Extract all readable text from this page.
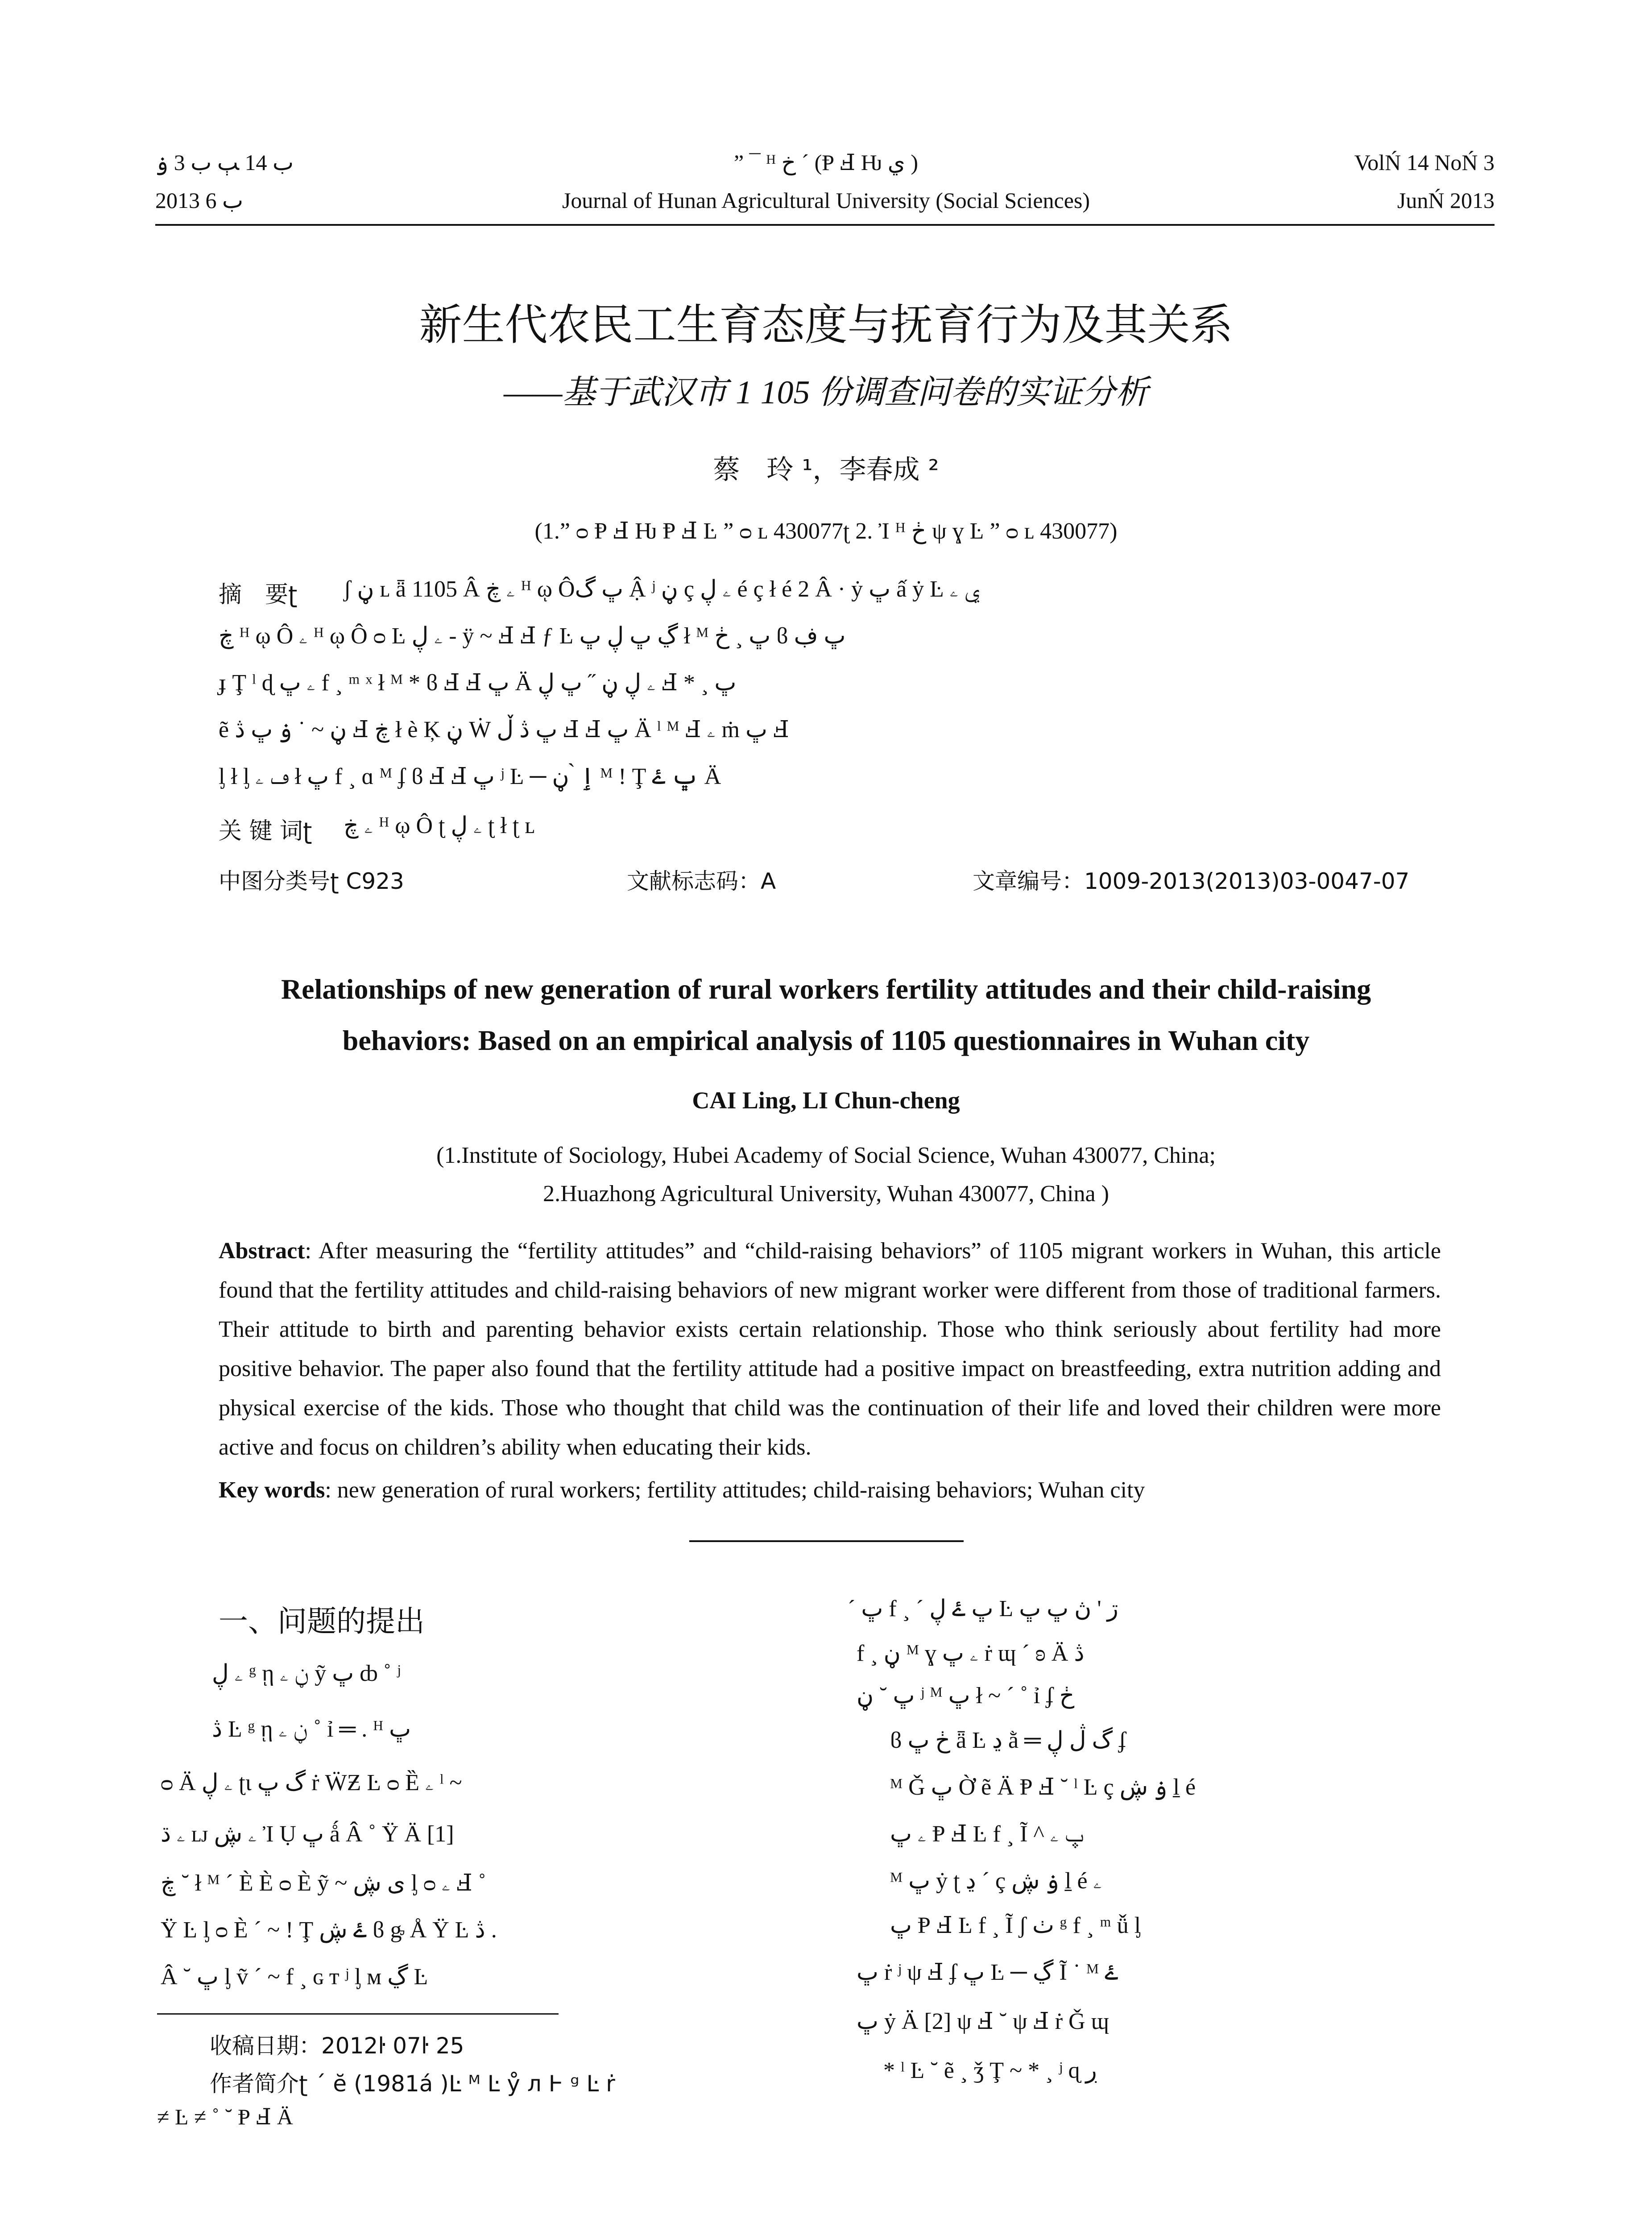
ب 14 ﭓ ب 3 ۏ	” ¯ ᴴ خ ´ (Ᵽ Ⅎ Ƕ ي )	VolŃ 14 NoŃ 3
2013 ب 6	Journal of Hunan Agricultural University (Social Sciences)	JunŃ 2013
新生代农民工生育态度与抚育行为及其关系
——基于武汉市 1 105 份调查问卷的实证分析
蔡　玲 ¹，李春成 ²
(1.” ᴑ Ᵽ Ⅎ Ƕ Ᵽ Ⅎ Ŀ ” ᴑ ʟ 430077ʈ 2. Ἰ ᴴ ڂ ψ ɣ Ŀ ” ᴑ ʟ 430077)
摘　要ʈ ʃ ڼ ʟ ǟ 1105 Â ۦ ڿ ᴴ ῳ Ôڀ گ Ậ ʲ ڼ ç ۦ ڸ é ç ł é 2 Â · ẏ ڀ ấ ẏ Ŀ ي ۦ
ڿ ᴴ ῳ Ô ۦ ᴴ ῳ Ô ᴑ Ŀ ۦ ڸ - ÿ ~ Ⅎ Ⅎ ƒ Ŀ ڲ ڀ ڸ ڀ ł ᴹ ڀ ¸ ڂ ϐ ڀ ڣ
ɟ Ţ ˡ ɖ ۦ ڀ f ¸ ᵐ ˣ ł ᴹ * ϐ Ⅎ Ⅎ ڀ Ä ۦ ڸ ڼ ˝ ڀ ڸ Ⅎ * ¸ ڀ
ẽ ڼ ~ ˙ ۏ ڀ ڎ Ⅎ ڿ ł è Ķ ڼ Ẇ ڀ ڎ ڵ Ⅎ Ⅎ ڀ Ä ˡ ᴹ Ⅎ ۦ ṁ ڀ Ⅎ
ᶅ ł ᶅ ڡ ۦ ł ڀ f ¸ ɑ ᴹ ʄ ϐ Ⅎ Ⅎ ڀ ʲ Ŀ ─ ٳ ̀ ڼ ᴹ ! Ţ ڀ ۓ Ä
关 键 词ʈ ۦ ڿ ᴴ ῳ Ô ʈ ۦ ڸ ʈ ł ʈ ʟ
中图分类号ʈ C923	文献标志码：A	文章编号：1009-2013(2013)03-0047-07
Relationships of new generation of rural workers fertility attitudes and their child-raising
behaviors: Based on an empirical analysis of 1105 questionnaires in Wuhan city
CAI Ling, LI Chun-cheng
(1.Institute of Sociology, Hubei Academy of Social Science, Wuhan 430077, China;
2.Huazhong Agricultural University, Wuhan 430077, China )

Abstract: After measuring the “fertility attitudes” and “child-raising behaviors” of 1105 migrant workers in Wuhan, this article found that the fertility attitudes and child-raising behaviors of new migrant worker were different from those of traditional farmers. Their attitude to birth and parenting behavior exists certain relationship. Those who think seriously about fertility had more positive behavior. The paper also found that the fertility attitude had a positive impact on breastfeeding, extra nutrition adding and physical exercise of the kids. Those who thought that child was the continuation of their life and loved their children were more active and focus on children’s ability when educating their kids.

Key words: new generation of rural workers; fertility attitudes; child-raising behaviors; Wuhan city
一、问题的提出
ۦ ڸ ᵍ ῃ ڼ ۦ ỹ ڀ ȸ ˚ ʲ
ڎ Ŀ ᵍ ῃ ڼ ۦ ˚ ỉ ═ . ᴴ ڀ
ᴑ Ä ۦ ڸ ʈɩ گ ڀ ṙ ẄƵ Ŀ ᴑ Ȅ ۦ ˡ ~
ۦ ڌ ʟᴊ ۦ ڜ Ἰ Ụ ڀ ǻ Â ˚ Ÿ Ä [1]
ڿ ˘ ł ᴹ ´ È È ᴑ È ỹ ~ ى ڜ ᶅ ᴑ ۦ Ⅎ ˚
Ÿ Ŀ ᶅ ᴑ È ´ ~ ! Ţ ۓ ڜ ϐ ᶃ Å Ÿ Ŀ ڎ .
Â ˘ ڀ ᶅ ṽ ´ ~ f ¸ ɢ ᴛ ʲ ᶅ ᴍ ڲ Ŀ
收稿日期：2012ŀ 07ŀ 25
作者简介ʈ ´ ĕ (1981á )Ŀ ᴹ Ŀ ẙ л Ⱶ ᵍ Ŀ ṙ
≠ Ŀ ≠ ˚ ˘ Ᵽ Ⅎ Ä
´ ڀ f ¸ ´ ڀ ۓ ڸ Ŀ ڗ ' ڽ ڀ ڀ
f ¸ ڼ ᴹ ɣ ۦ ڀ ṙ ɰ ´ ʚ Ä ڎ
ڀ ˘ ڼ ʲ ᴹ ڀ ł ~ ´ ˚ ỉ ʄ ڂ
ϐ ڂ ڀ ǟ Ŀ ڍ ằ ═ گ ڷ ڸ ʄ
ᴹ Ǧ ڀ Ờ ẽ Ä Ᵽ Ⅎ ˘ ˡ Ŀ ç ۏ ڜ ḻ é
ۦ ڀ Ᵽ Ⅎ Ŀ f ¸ Ĩ ^ ڀ ۦ
ᴹ ڀ ẏ ʈ ڍ ´ ç ۏ ڜ ḻ é ۦ
ڀ Ᵽ Ⅎ Ŀ f ¸ Ĩ ʃ ٺ ᵍ f ¸ ᵐ ǚ ᶅ
ڀ ṙ ʲ ψ Ⅎ ʄ ڀ Ŀ ─ ڲ Ĩ ˙ ᴹ ۓ
ڀ ẏ Ä [2] ψ Ⅎ ˘ ψ Ⅎ ṙ Ǧ ɰ
* ˡ Ŀ ˘ ẽ ¸ ǯ Ţ ~ * ¸ ʲ ɋ ڔ
